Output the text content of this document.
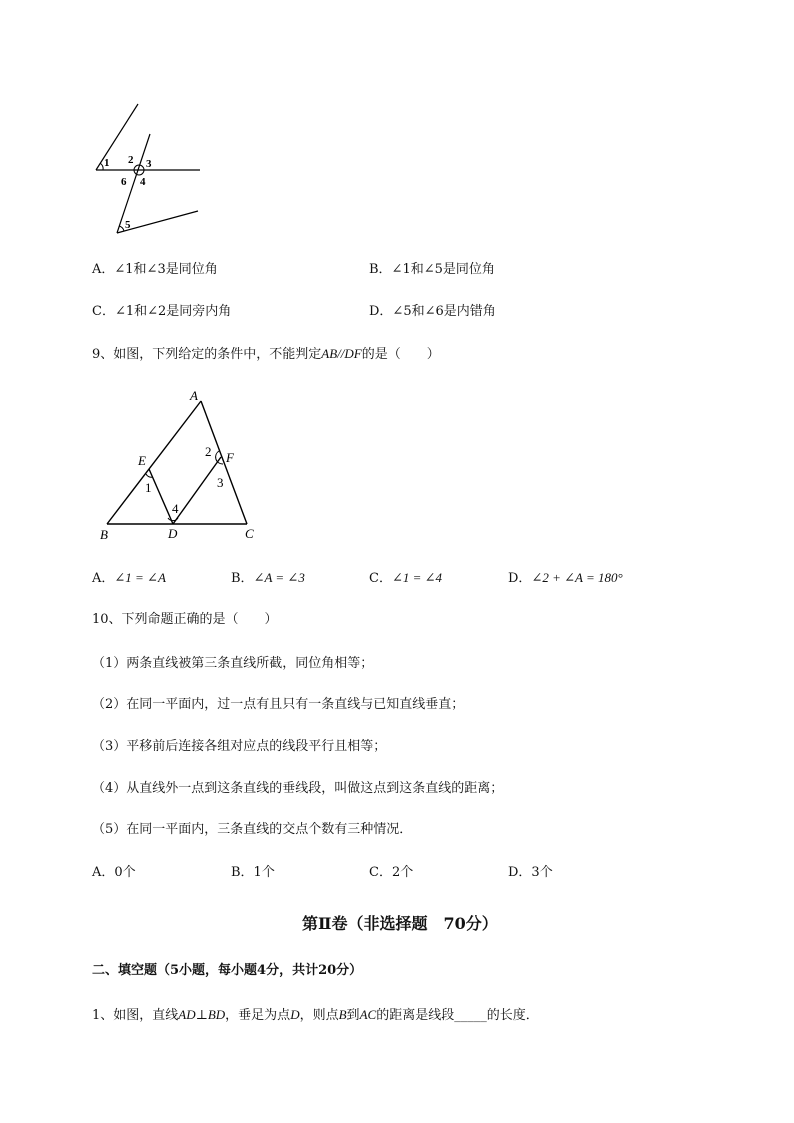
1 2 3
6 4
5
A．∠1和∠3是同位角	B．∠1和∠5是同位角
C．∠1和∠2是同旁内角	D．∠5和∠6是内错角
9、如图，下列给定的条件中，不能判定AB//DF的是（　　）
A
B	C
D
E	F
1
2
3
4
A．∠1 = ∠A	B．∠A = ∠3	C．∠1 = ∠4	D．∠2 + ∠A = 180°
10、下列命题正确的是（　　）
（1）两条直线被第三条直线所截，同位角相等；
（2）在同一平面内，过一点有且只有一条直线与已知直线垂直；
（3）平移前后连接各组对应点的线段平行且相等；
（4）从直线外一点到这条直线的垂线段，叫做这点到这条直线的距离；
（5）在同一平面内，三条直线的交点个数有三种情况．
A．0个	B．1个	C．2个	D．3个
第Ⅱ卷（非选择题　70分）
二、填空题（5小题，每小题4分，共计20分）
1、如图，直线AD⊥BD，垂足为点D，则点B到AC的距离是线段_____的长度．
